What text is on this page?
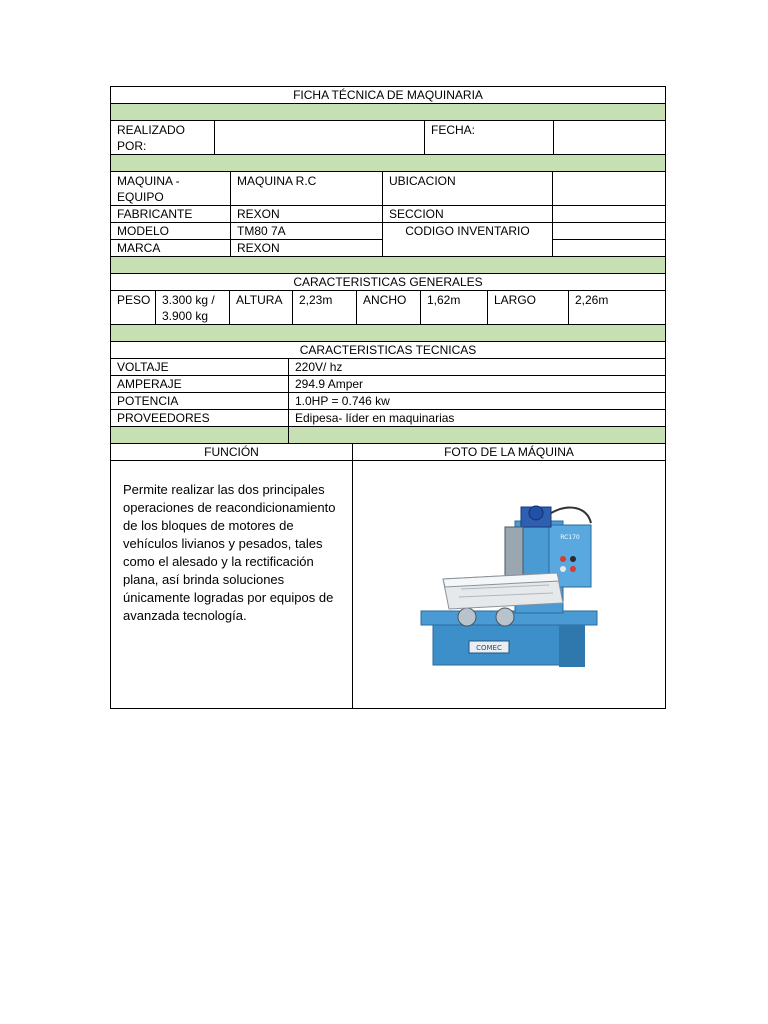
FICHA TÉCNICA DE MAQUINARIA

REALIZADO POR:		FECHA:	

MAQUINA - EQUIPO	MAQUINA R.C	UBICACION	
FABRICANTE	REXON	SECCION	
MODELO	TM80 7A	CODIGO INVENTARIO	
MARCA	REXON		

CARACTERISTICAS GENERALES
PESO	3.300 kg / 3.900 kg	ALTURA	2,23m	ANCHO	1,62m	LARGO	2,26m

CARACTERISTICAS TECNICAS	
VOLTAJE	220V/ hz
AMPERAJE	294.9 Amper
POTENCIA	1.0HP = 0.746 kw
PROVEEDORES	Edipesa- líder en maquinarias

FUNCIÓN	FOTO DE LA MÁQUINA

Permite realizar las dos principales operaciones de reacondicionamiento de los bloques de motores de vehículos livianos y pesados, tales como el alesado y la rectificación plana, así brinda soluciones únicamente logradas por equipos de avanzada tecnología.	COMEC
RC170
